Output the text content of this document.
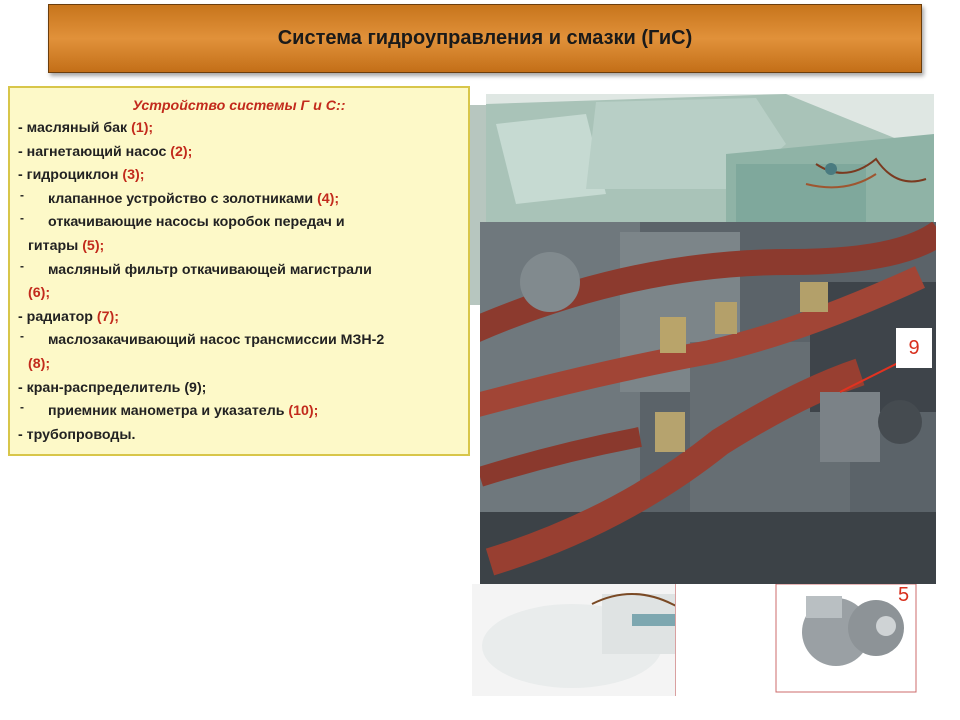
Система гидроуправления и смазки (ГиС)
9
5
Устройство системы Г и С::
- масляный бак (1);
- нагнетающий насос (2);
- гидроциклон (3);
- клапанное устройство с золотниками (4);
- откачивающие насосы коробок передач и
гитары (5);
- масляный фильтр откачивающей магистрали
(6);
- радиатор (7);
- маслозакачивающий насос трансмиссии МЗН-2
(8);
- кран-распределитель (9);
- приемник манометра и указатель (10);
- трубопроводы.
